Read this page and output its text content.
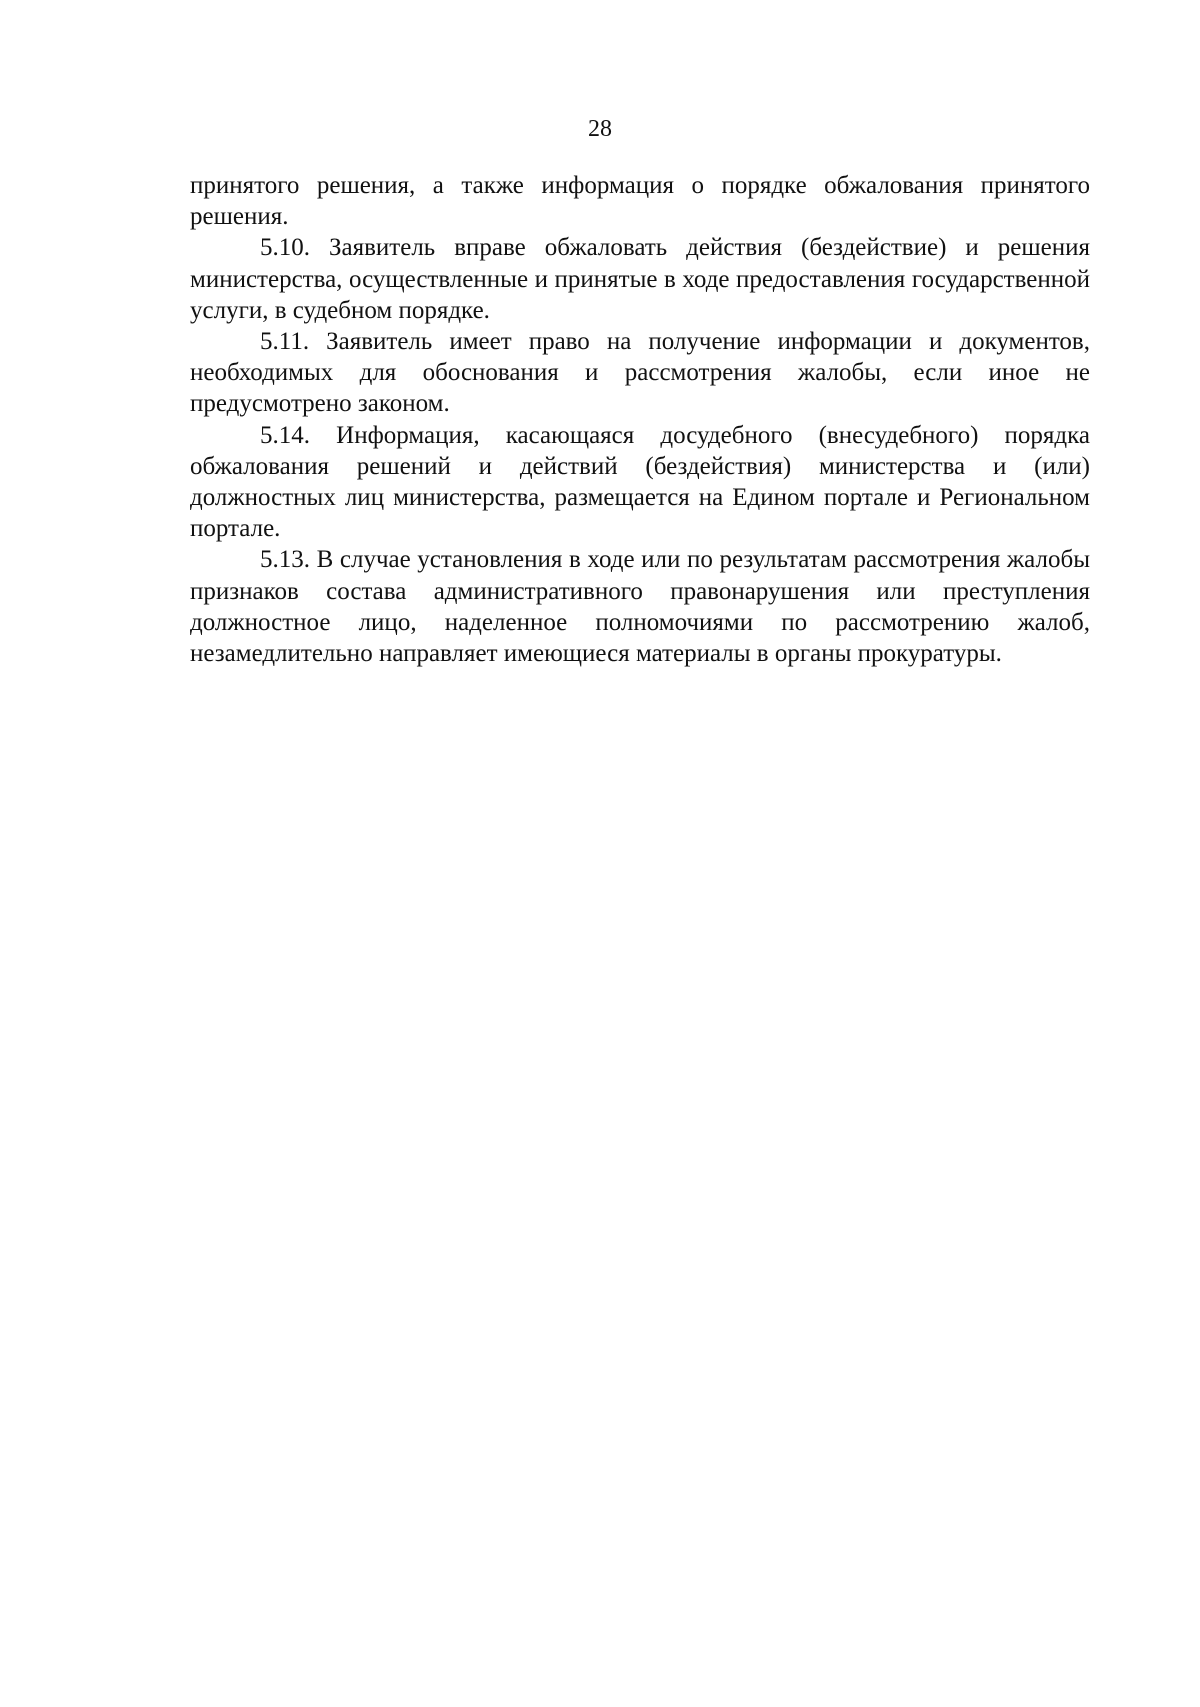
28

принятого решения, а также информация о порядке обжалования принятого решения.

5.10. Заявитель вправе обжаловать действия (бездействие) и решения министерства, осуществленные и принятые в ходе предоставления государственной услуги, в судебном порядке.

5.11. Заявитель имеет право на получение информации и документов, необходимых для обоснования и рассмотрения жалобы, если иное не предусмотрено законом.

5.14. Информация, касающаяся досудебного (внесудебного) порядка обжалования решений и действий (бездействия) министерства и (или) должностных лиц министерства, размещается на Едином портале и Региональном портале.

5.13. В случае установления в ходе или по результатам рассмотрения жалобы признаков состава административного правонарушения или преступления должностное лицо, наделенное полномочиями по рассмотрению жалоб, незамедлительно направляет имеющиеся материалы в органы прокуратуры.
